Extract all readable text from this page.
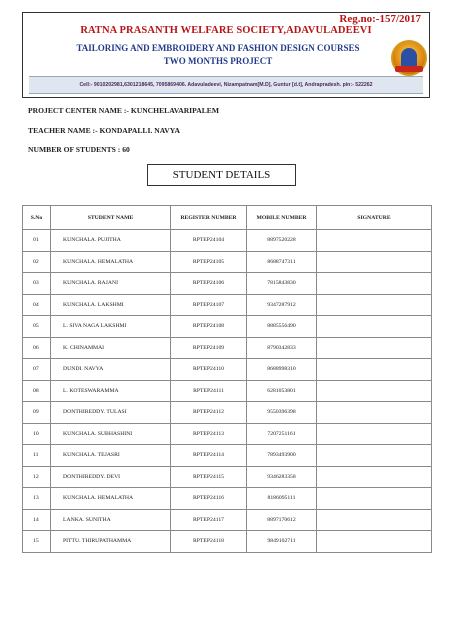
Reg.no:-157/2017
RATNA PRASANTH WELFARE SOCIETY,ADAVULADEEVI
TAILORING AND EMBROIDERY AND FASHION DESIGN COURSES
TWO MONTHS PROJECT
Cell:- 9010202981,6301218645, 7095869406. Adavuladeevi, Nizampatnam[M.D], Guntur [d.t], Andrapradesh. pin:- 522262
PROJECT CENTER NAME :- KUNCHELAVARIPALEM
TEACHER NAME :- KONDAPALLI. NAVYA
NUMBER OF STUDENTS : 60
STUDENT DETAILS
S.No	STUDENT NAME	REGISTER NUMBER	MOBILE NUMBER	SIGNATURE
01	KUNCHALA. PUJITHA	RPTEP24104	8897520228	
02	KUNCHALA. HEMALATHA	RPTEP24105	8688747311	
03	KUNCHALA. RAJANI	RPTEP24106	7815843830	
04	KUNCHALA. LAKSHMI	RPTEP24107	9347287912	
05	L. SIVA NAGA LAKSHMI	RPTEP24108	8885556490	
06	K. CHINAMMAI	RPTEP24109	8790342833	
07	DUNDI. NAVYA	RPTEP24110	8688998310	
08	L. KOTESWARAMMA	RPTEP24111	6281053801	
09	DONTHIREDDY. TULASI	RPTEP24112	9550396398	
10	KUNCHALA. SUBHASHINI	RPTEP24113	7207251161	
11	KUNCHALA. TEJASRI	RPTEP24114	7893493900	
12	DONTHIREDDY. DEVI	RPTEP24115	9346283358	
13	KUNCHALA. HEMALATHA	RPTEP24116	8186095111	
14	LANKA. SUNITHA	RPTEP24117	8897170612	
15	PITTU. THIRUPATHAMMA	RPTEP24118	9849102711	
